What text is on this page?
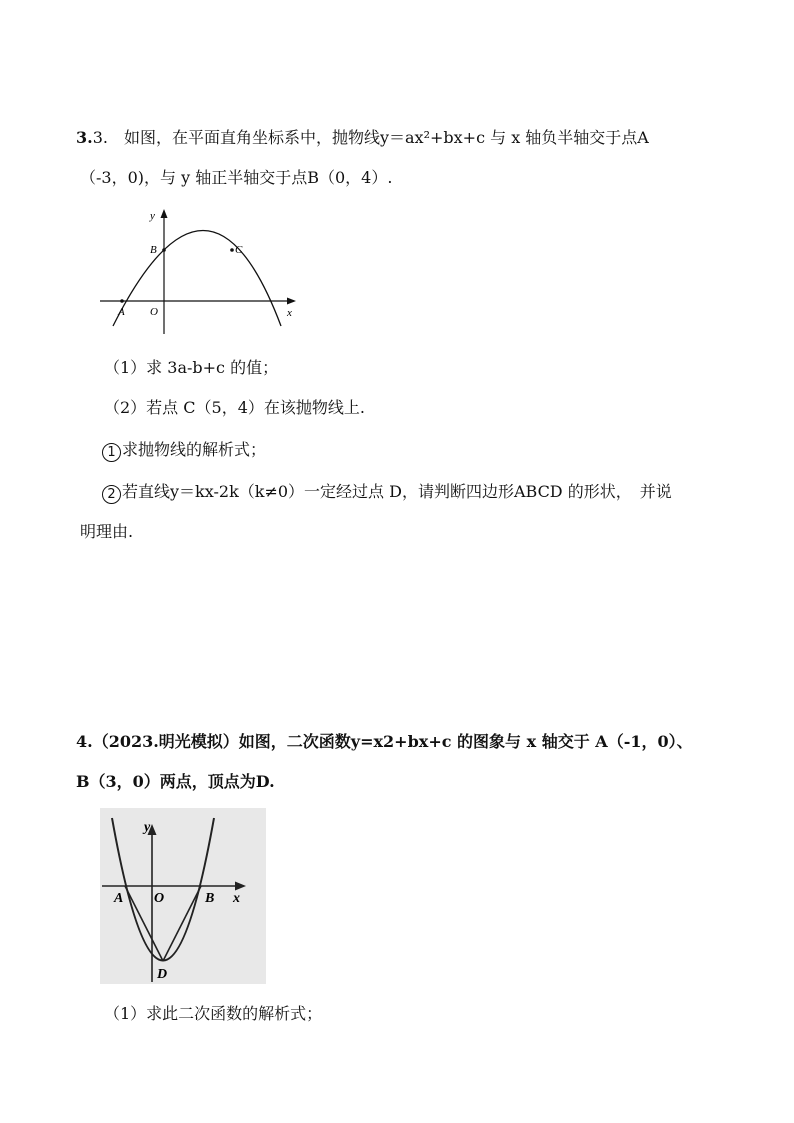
3.3.　如图，在平面直角坐标系中，抛物线y＝ax²+bx+c 与 x 轴负半轴交于点A
（-3，0)，与 y 轴正半轴交于点B（0，4）.
y
x
B	C
A O
（1）求 3a-b+c 的值；
（2）若点 C（5，4）在该抛物线上.
1 求抛物线的解析式；
2 若直线y＝kx-2k（k≠0）一定经过点 D，请判断四边形ABCD 的形状，　并说
明理由.
4.（2023.明光模拟）如图，二次函数y=x2+bx+c 的图象与 x 轴交于 A（-1，0）、
B（3，0）两点，顶点为D.
y
x
A O	B
D
（1）求此二次函数的解析式；
